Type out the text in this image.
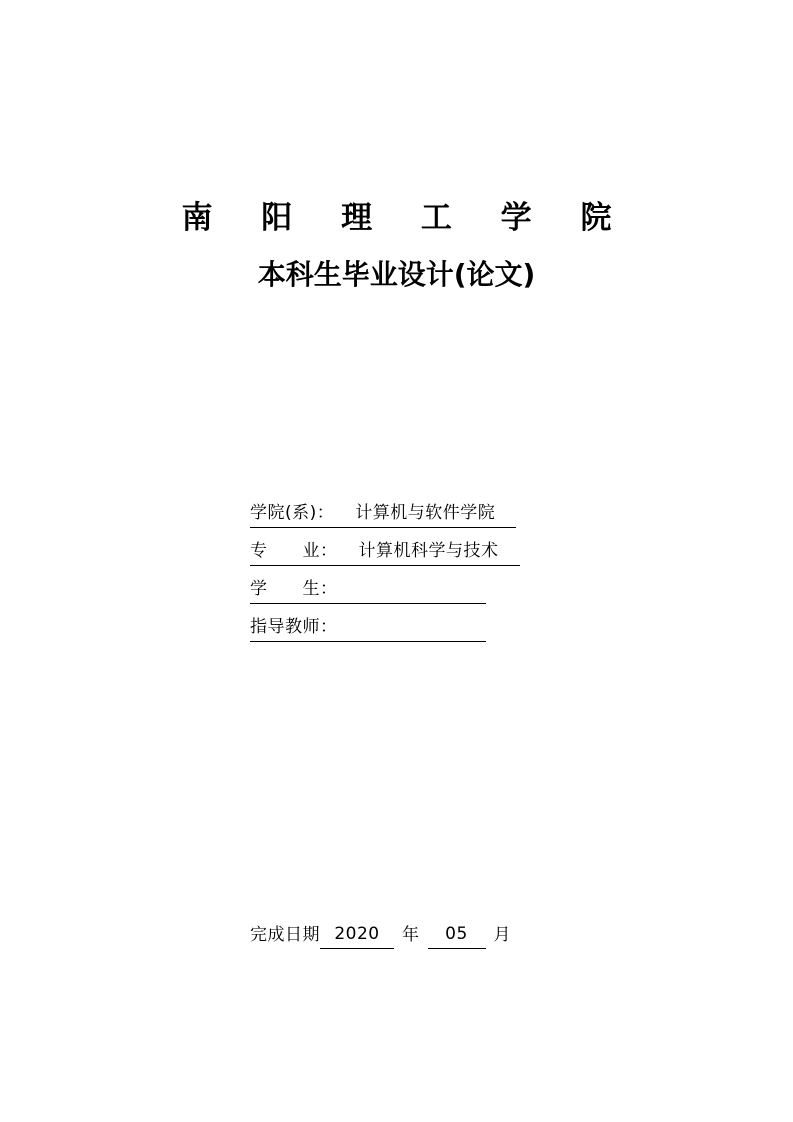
南 阳 理 工 学 院
本科生毕业设计(论文)
学院(系)：	计算机与软件学院
专　　业：	计算机科学与技术
学　　生：
指导教师：
完成日期 2020	年	05	月
